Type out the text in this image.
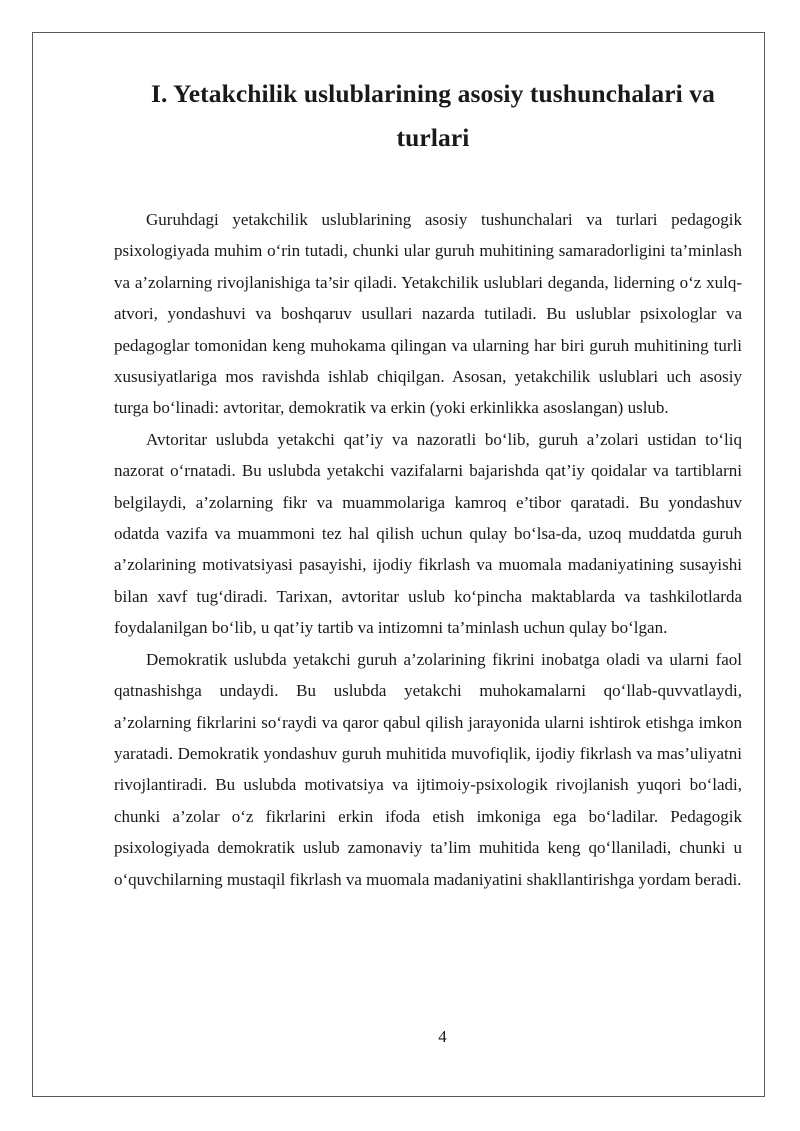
I. Yetakchilik uslublarining asosiy tushunchalari va turlari

Guruhdagi yetakchilik uslublarining asosiy tushunchalari va turlari pedagogik psixologiyada muhim o‘rin tutadi, chunki ular guruh muhitining samaradorligini ta’minlash va a’zolarning rivojlanishiga ta’sir qiladi. Yetakchilik uslublari deganda, liderning o‘z xulq-atvori, yondashuvi va boshqaruv usullari nazarda tutiladi. Bu uslublar psixologlar va pedagoglar tomonidan keng muhokama qilingan va ularning har biri guruh muhitining turli xususiyatlariga mos ravishda ishlab chiqilgan. Asosan, yetakchilik uslublari uch asosiy turga bo‘linadi: avtoritar, demokratik va erkin (yoki erkinlikka asoslangan) uslub.

Avtoritar uslubda yetakchi qat’iy va nazoratli bo‘lib, guruh a’zolari ustidan to‘liq nazorat o‘rnatadi. Bu uslubda yetakchi vazifalarni bajarishda qat’iy qoidalar va tartiblarni belgilaydi, a’zolarning fikr va muammolariga kamroq e’tibor qaratadi. Bu yondashuv odatda vazifa va muammoni tez hal qilish uchun qulay bo‘lsa-da, uzoq muddatda guruh a’zolarining motivatsiyasi pasayishi, ijodiy fikrlash va muomala madaniyatining susayishi bilan xavf tug‘diradi. Tarixan, avtoritar uslub ko‘pincha maktablarda va tashkilotlarda foydalanilgan bo‘lib, u qat’iy tartib va intizomni ta’minlash uchun qulay bo‘lgan.

Demokratik uslubda yetakchi guruh a’zolarining fikrini inobatga oladi va ularni faol qatnashishga undaydi. Bu uslubda yetakchi muhokamalarni qo‘llab-quvvatlaydi, a’zolarning fikrlarini so‘raydi va qaror qabul qilish jarayonida ularni ishtirok etishga imkon yaratadi. Demokratik yondashuv guruh muhitida muvofiqlik, ijodiy fikrlash va mas’uliyatni rivojlantiradi. Bu uslubda motivatsiya va ijtimoiy-psixologik rivojlanish yuqori bo‘ladi, chunki a’zolar o‘z fikrlarini erkin ifoda etish imkoniga ega bo‘ladilar. Pedagogik psixologiyada demokratik uslub zamonaviy ta’lim muhitida keng qo‘llaniladi, chunki u o‘quvchilarning mustaqil fikrlash va muomala madaniyatini shakllantirishga yordam beradi.

4
